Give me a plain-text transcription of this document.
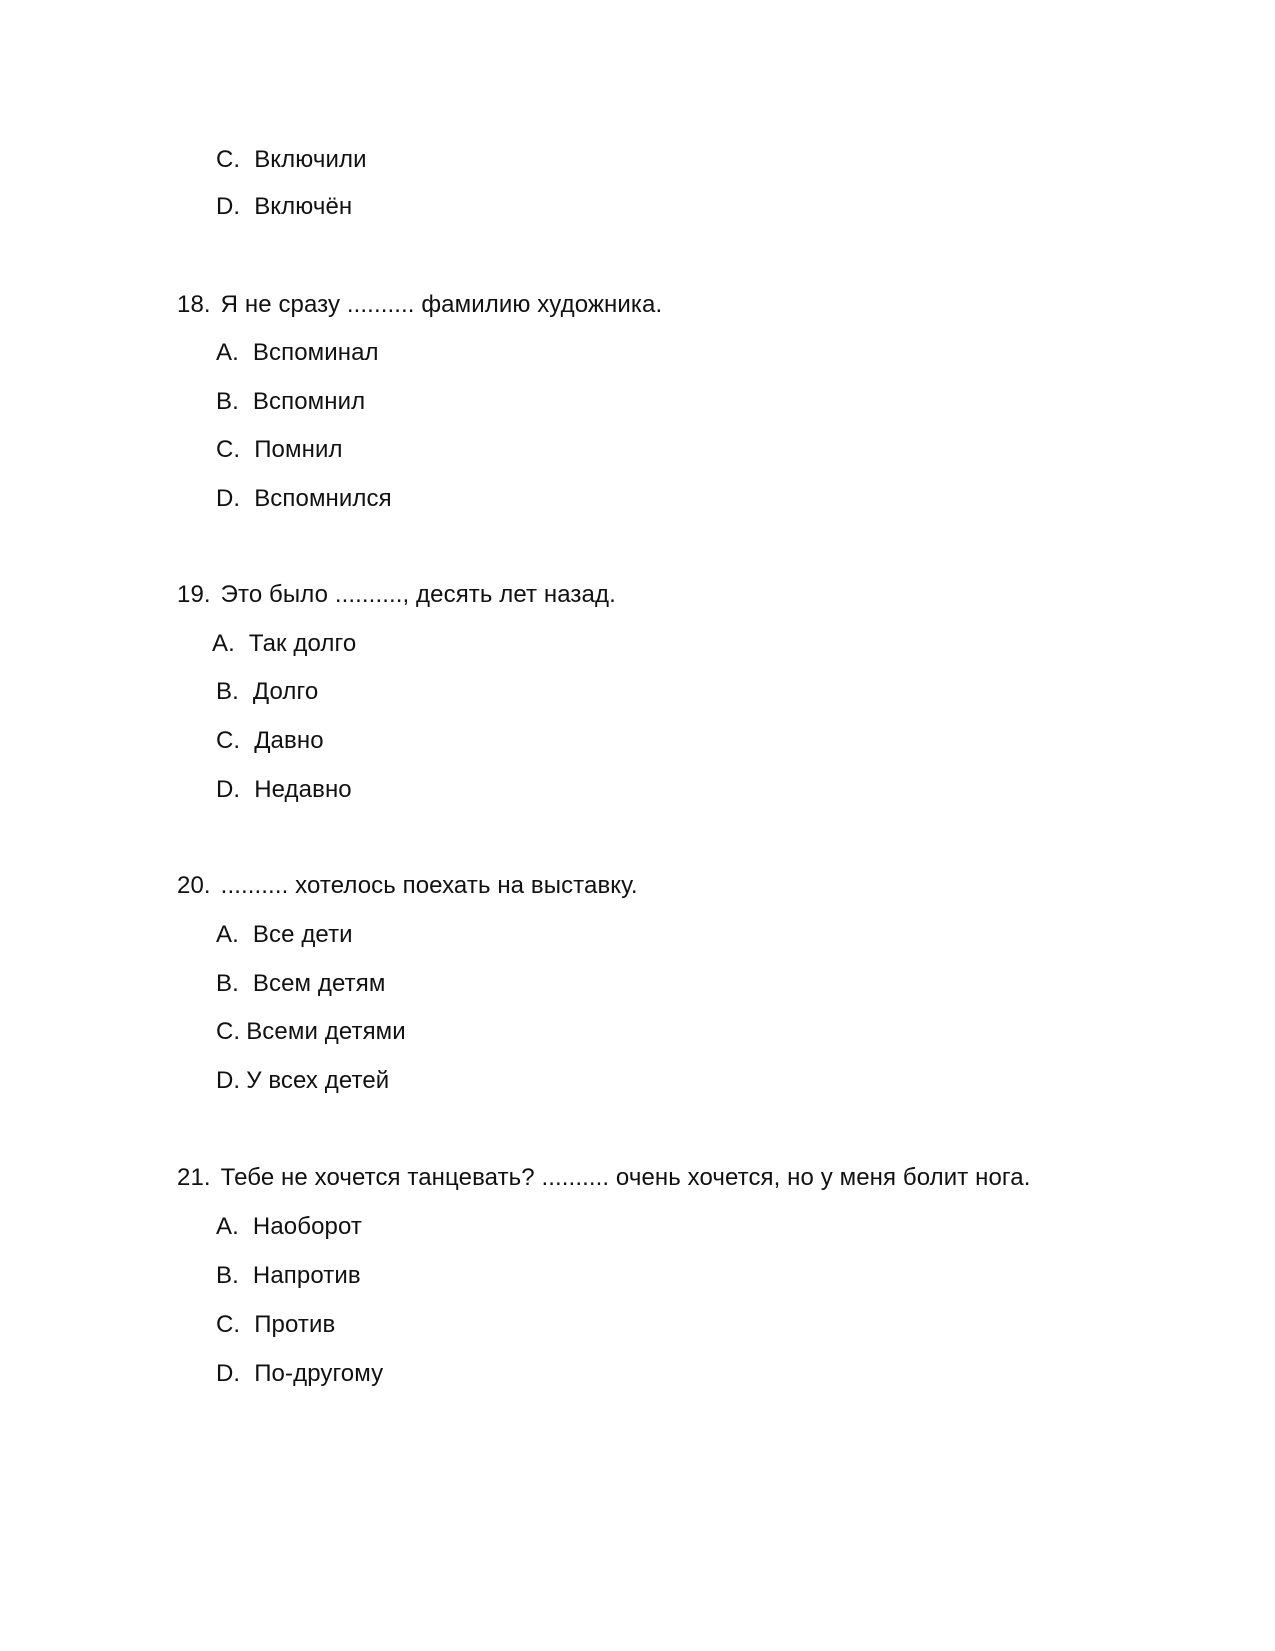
C. Включили
D. Включён
18. Я не сразу .......... фамилию художника.
A. Вспоминал
B. Вспомнил
C. Помнил
D. Вспомнился
19. Это было .........., десять лет назад.
A. Так долго
B. Долго
C. Давно
D. Недавно
20. .......... хотелось поехать на выставку.
A. Все дети
B. Всем детям
C. Всеми детями
D. У всех детей
21. Тебе не хочется танцевать? .......... очень хочется, но у меня болит нога.
A. Наоборот
B. Напротив
C. Против
D. По-другому
